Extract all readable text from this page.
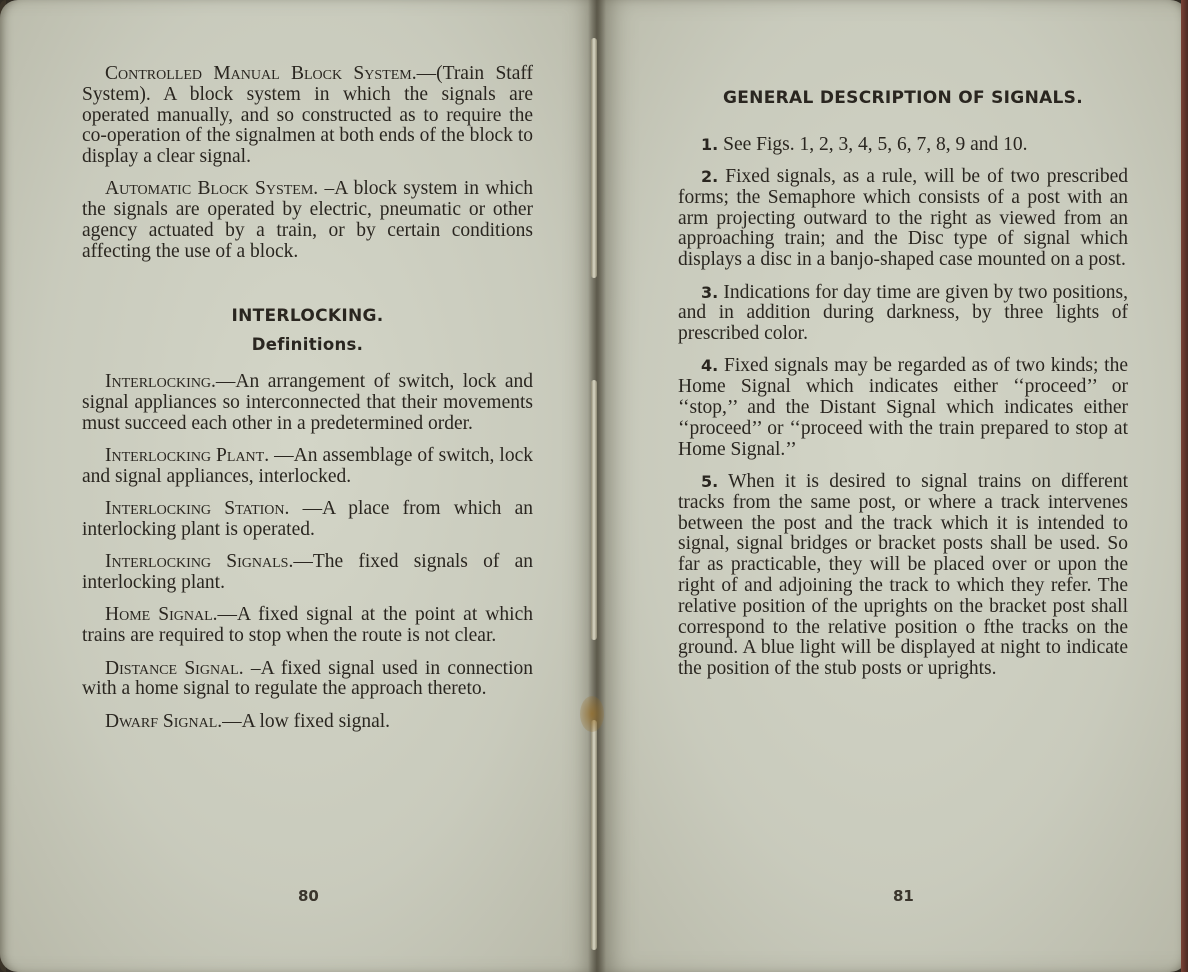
Controlled Manual Block System.—(Train Staff System). A block system in which the signals are operated manually, and so constructed as to require the co-operation of the signalmen at both ends of the block to display a clear signal.

Automatic Block System. –A block system in which the signals are operated by electric, pneumatic or other agency actuated by a train, or by certain conditions affecting the use of a block.

INTERLOCKING.
Definitions.

Interlocking.—An arrangement of switch, lock and signal appliances so interconnected that their movements must succeed each other in a predetermined order.

Interlocking Plant. —An assemblage of switch, lock and signal appliances, interlocked.

Interlocking Station. —A place from which an interlocking plant is operated.

Interlocking Signals.—The fixed signals of an interlocking plant.

Home Signal.—A fixed signal at the point at which trains are required to stop when the route is not clear.

Distance Signal. –A fixed signal used in connection with a home signal to regulate the approach thereto.

Dwarf Signal.—A low fixed signal.

80
GENERAL DESCRIPTION OF SIGNALS.

1. See Figs. 1, 2, 3, 4, 5, 6, 7, 8, 9 and 10.

2. Fixed signals, as a rule, will be of two prescribed forms; the Semaphore which consists of a post with an arm projecting outward to the right as viewed from an approaching train; and the Disc type of signal which displays a disc in a banjo-shaped case mounted on a post.

3. Indications for day time are given by two positions, and in addition during darkness, by three lights of prescribed color.

4. Fixed signals may be regarded as of two kinds; the Home Signal which indicates either ‘‘proceed’’ or ‘‘stop,’’ and the Distant Signal which indicates either ‘‘proceed’’ or ‘‘proceed with the train prepared to stop at Home Signal.’’

5. When it is desired to signal trains on different tracks from the same post, or where a track intervenes between the post and the track which it is intended to signal, signal bridges or bracket posts shall be used. So far as practicable, they will be placed over or upon the right of and adjoining the track to which they refer. The relative position of the uprights on the bracket post shall correspond to the relative position o fthe tracks on the ground. A blue light will be displayed at night to indicate the position of the stub posts or uprights.

81
